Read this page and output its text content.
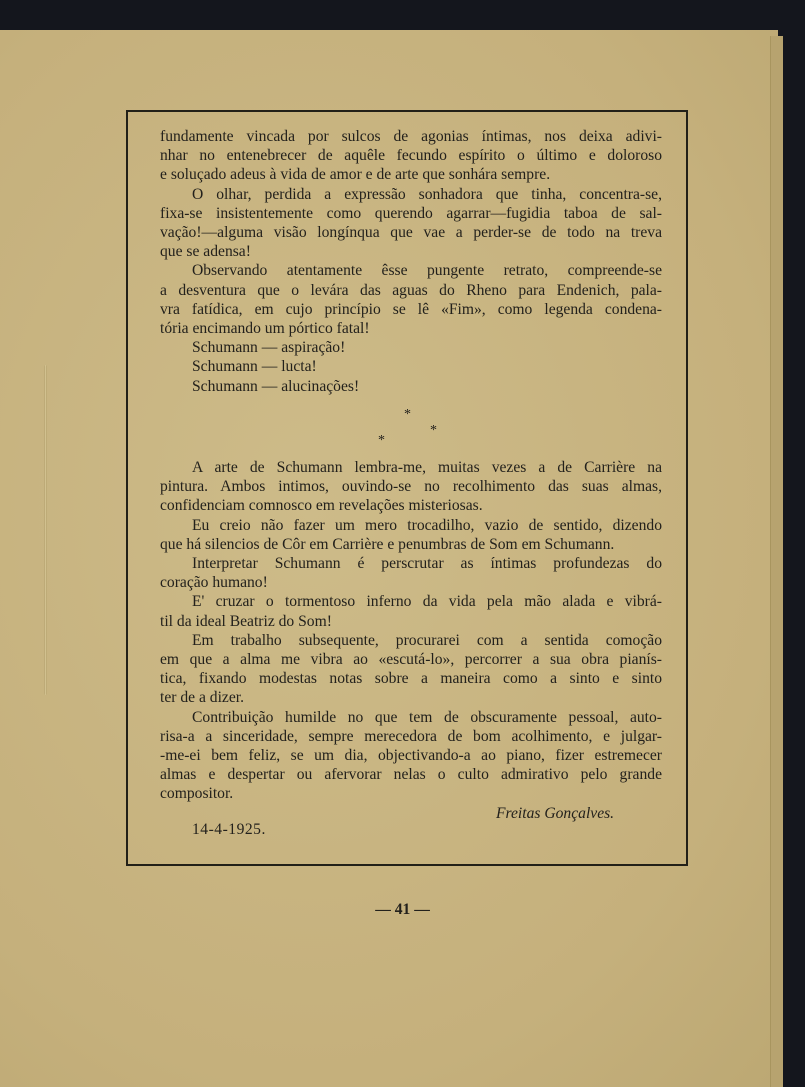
fundamente vincada por sulcos de agonias íntimas, nos deixa adivi-

nhar no entenebrecer de aquêle fecundo espírito o último e doloroso

e soluçado adeus à vida de amor e de arte que sonhára sempre.

O olhar, perdida a expressão sonhadora que tinha, concentra-se,

fixa-se insistentemente como querendo agarrar—fugidia taboa de sal-

vação!—alguma visão longínqua que vae a perder-se de todo na treva

que se adensa!

Observando atentamente êsse pungente retrato, compreende-se

a desventura que o levára das aguas do Rheno para Endenich, pala-

vra fatídica, em cujo princípio se lê «Fim», como legenda condena-

tória encimando um pórtico fatal!

Schumann — aspiração!

Schumann — lucta!

Schumann — alucinações!

*
*
*

A arte de Schumann lembra-me, muitas vezes a de Carrière na

pintura. Ambos intimos, ouvindo-se no recolhimento das suas almas,

confidenciam comnosco em revelações misteriosas.

Eu creio não fazer um mero trocadilho, vazio de sentido, dizendo

que há silencios de Côr em Carrière e penumbras de Som em Schumann.

Interpretar Schumann é perscrutar as íntimas profundezas do

coração humano!

E' cruzar o tormentoso inferno da vida pela mão alada e vibrá-

til da ideal Beatriz do Som!

Em trabalho subsequente, procurarei com a sentida comoção

em que a alma me vibra ao «escutá-lo», percorrer a sua obra pianís-

tica, fixando modestas notas sobre a maneira como a sinto e sinto

ter de a dizer.

Contribuição humilde no que tem de obscuramente pessoal, auto-

risa-a a sinceridade, sempre merecedora de bom acolhimento, e julgar-

-me-ei bem feliz, se um dia, objectivando-a ao piano, fizer estremecer

almas e despertar ou afervorar nelas o culto admirativo pelo grande

compositor.

Freitas Gonçalves.
14-4-1925.
— 41 —
